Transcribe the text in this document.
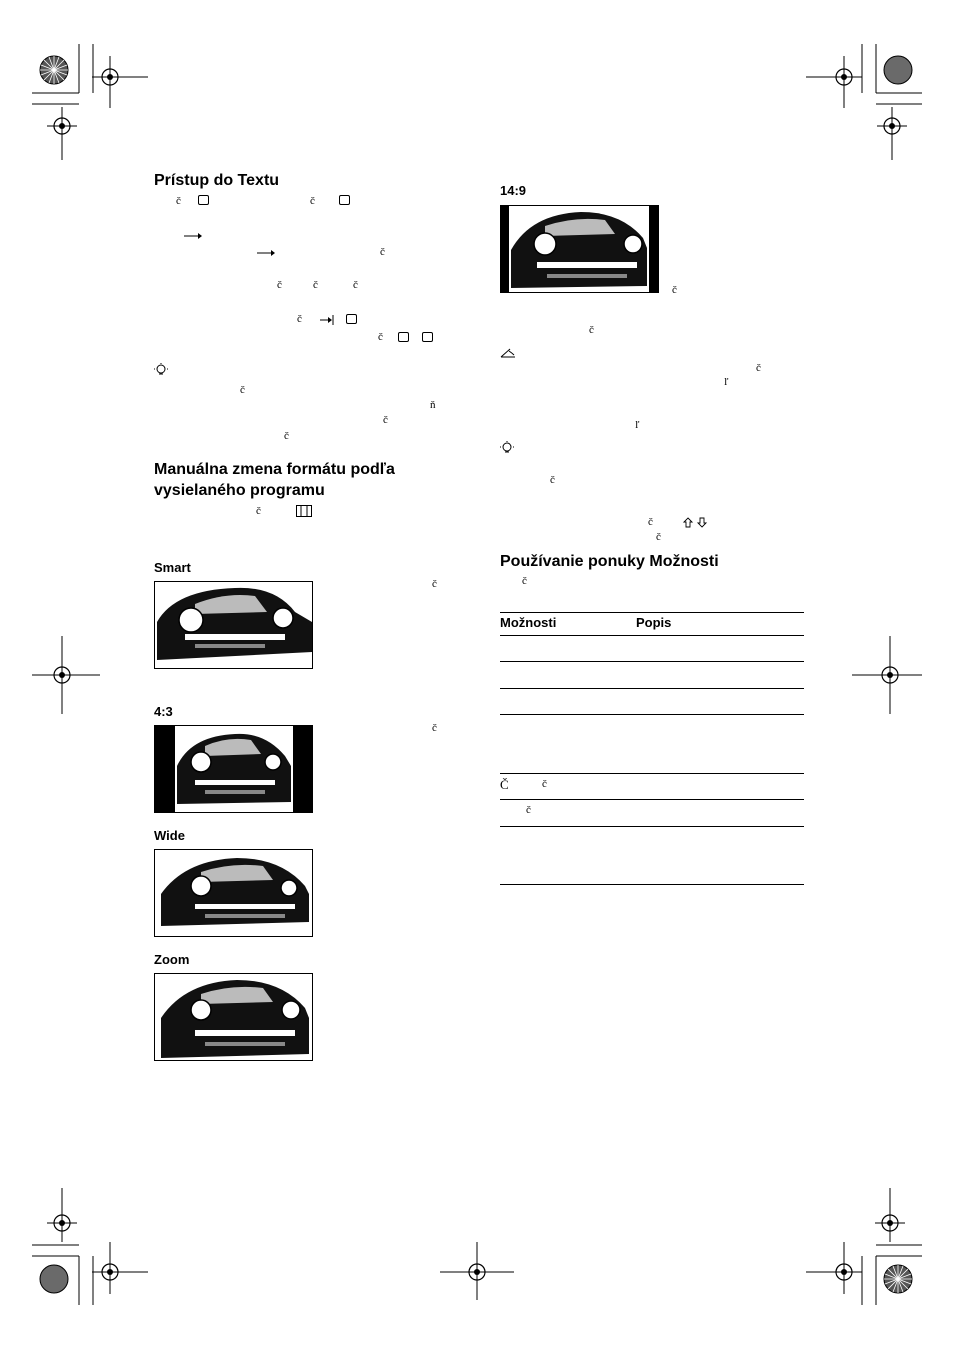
Prístup do Textu
č	č
č
č	č	č
č
č
č
ň
č
č
Manuálna zmena formátu podľa
vysielaného programu
č
Smart
č
4:3
č
Wide
Zoom
14:9
č
č
č
ľ
ľ
č
č
č
Používanie ponuky Možnosti
č
Možnosti	Popis
Č	č
č
